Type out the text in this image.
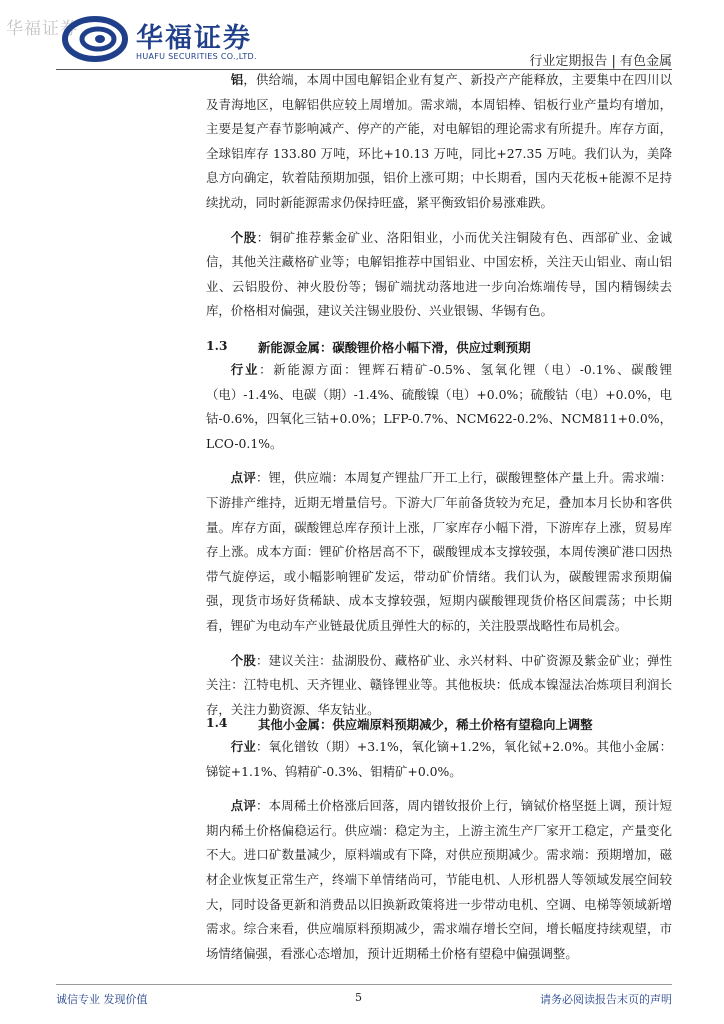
华福证券 华福证券
HUAFU SECURITIES CO.,LTD.	行业定期报告 | 有色金属

铝，供给端，本周中国电解铝企业有复产、新投产产能释放，主要集中在四川以及青海地区，电解铝供应较上周增加。需求端，本周铝棒、铝板行业产量均有增加，主要是复产春节影响减产、停产的产能，对电解铝的理论需求有所提升。库存方面，全球铝库存 133.80 万吨，环比+10.13 万吨，同比+27.35 万吨。我们认为，美降息方向确定，软着陆预期加强，铝价上涨可期；中长期看，国内天花板+能源不足持续扰动，同时新能源需求仍保持旺盛，紧平衡致铝价易涨难跌。

个股：铜矿推荐紫金矿业、洛阳钼业，小而优关注铜陵有色、西部矿业、金诚信，其他关注藏格矿业等；电解铝推荐中国铝业、中国宏桥，关注天山铝业、南山铝业、云铝股份、神火股份等；锡矿端扰动落地进一步向冶炼端传导，国内精锡续去库，价格相对偏强，建议关注锡业股份、兴业银锡、华锡有色。

1.3 新能源金属：碳酸锂价格小幅下滑，供应过剩预期

行业：新能源方面：锂辉石精矿-0.5%、氢氧化锂（电）-0.1%、碳酸锂（电）-1.4%、电碳（期）-1.4%、硫酸镍（电）+0.0%；硫酸钴（电）+0.0%，电钴-0.6%，四氧化三钴+0.0%；LFP-0.7%、NCM622-0.2%、NCM811+0.0%，LCO-0.1%。

点评：锂，供应端：本周复产锂盐厂开工上行，碳酸锂整体产量上升。需求端：下游排产维持，近期无增量信号。下游大厂年前备货较为充足，叠加本月长协和客供量。库存方面，碳酸锂总库存预计上涨，厂家库存小幅下滑，下游库存上涨，贸易库存上涨。成本方面：锂矿价格居高不下，碳酸锂成本支撑较强，本周传澳矿港口因热带气旋停运，或小幅影响锂矿发运，带动矿价情绪。我们认为，碳酸锂需求预期偏强，现货市场好货稀缺、成本支撑较强，短期内碳酸锂现货价格区间震荡；中长期看，锂矿为电动车产业链最优质且弹性大的标的，关注股票战略性布局机会。

个股：建议关注：盐湖股份、藏格矿业、永兴材料、中矿资源及紫金矿业；弹性关注：江特电机、天齐锂业、赣锋锂业等。其他板块：低成本镍湿法冶炼项目利润长存，关注力勤资源、华友钴业。

1.4 其他小金属：供应端原料预期减少，稀土价格有望稳向上调整

行业：氧化镨钕（期）+3.1%，氧化镝+1.2%，氧化铽+2.0%。其他小金属：锑锭+1.1%、钨精矿-0.3%、钼精矿+0.0%。

点评：本周稀土价格涨后回落，周内镨钕报价上行，镝铽价格坚挺上调，预计短期内稀土价格偏稳运行。供应端：稳定为主，上游主流生产厂家开工稳定，产量变化不大。进口矿数量减少，原料端或有下降，对供应预期减少。需求端：预期增加，磁材企业恢复正常生产，终端下单情绪尚可，节能电机、人形机器人等领域发展空间较大，同时设备更新和消费品以旧换新政策将进一步带动电机、空调、电梯等领域新增需求。综合来看，供应端原料预期减少，需求端存增长空间，增长幅度持续观望，市场情绪偏强，看涨心态增加，预计近期稀土价格有望稳中偏强调整。

诚信专业 发现价值	5	请务必阅读报告末页的声明
